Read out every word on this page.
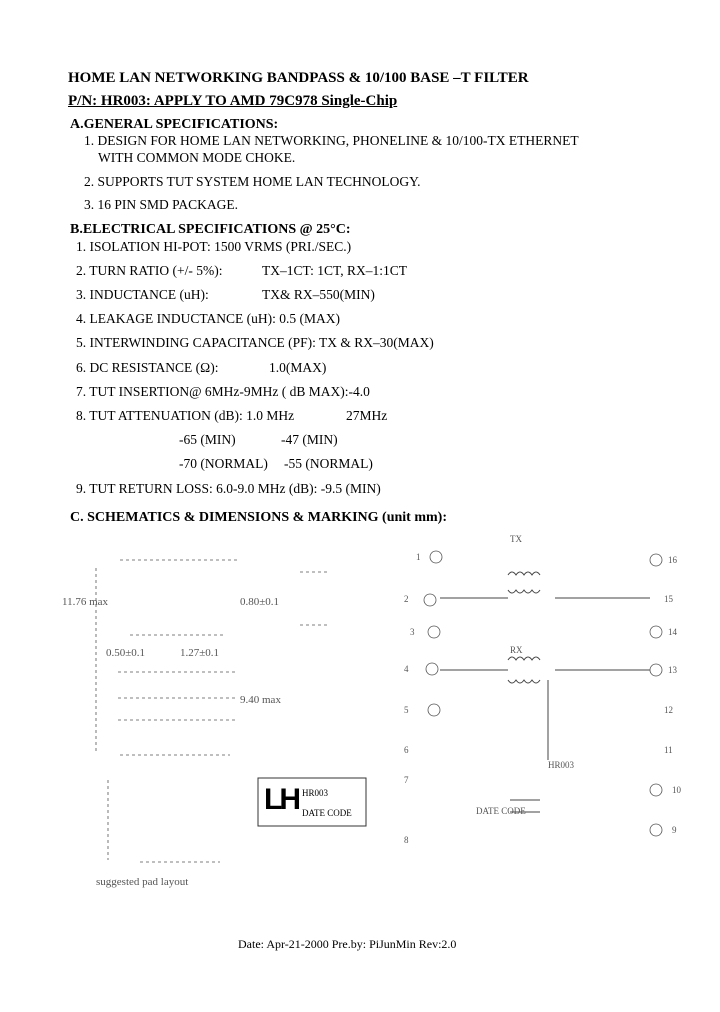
HOME LAN NETWORKING BANDPASS & 10/100 BASE –T FILTER
P/N: HR003: APPLY TO AMD 79C978 Single-Chip
A.GENERAL SPECIFICATIONS:
1. DESIGN FOR HOME LAN NETWORKING, PHONELINE & 10/100-TX ETHERNET
WITH COMMON MODE CHOKE.
2. SUPPORTS TUT SYSTEM HOME LAN TECHNOLOGY.
3. 16 PIN SMD PACKAGE.
B.ELECTRICAL SPECIFICATIONS @ 25°C:
1. ISOLATION HI-POT: 1500 VRMS (PRI./SEC.)
2. TURN RATIO (+/- 5%):	TX–1CT: 1CT, RX–1:1CT
3. INDUCTANCE (uH):	TX& RX–550(MIN)
4. LEAKAGE INDUCTANCE (uH): 0.5 (MAX)
5. INTERWINDING CAPACITANCE (PF): TX & RX–30(MAX)
6. DC RESISTANCE (Ω):	1.0(MAX)
7. TUT INSERTION@ 6MHz-9MHz ( dB MAX):-4.0
8. TUT ATTENUATION (dB): 1.0 MHz	27MHz
-65 (MIN)	-47 (MIN)
-70 (NORMAL) -55 (NORMAL)
9. TUT RETURN LOSS: 6.0-9.0 MHz (dB): -9.5 (MIN)
C. SCHEMATICS & DIMENSIONS & MARKING (unit mm):
11.76 max	0.80±0.1
0.50±0.1	1.27±0.1
9.40 max
suggested pad layout
LH HR003
DATE CODE
TX
RX
1
2
3
4
5
6
7
8
16
15
14
13
12
11
10
9
HR003
DATE CODE
Date: Apr-21-2000 Pre.by: PiJunMin Rev:2.0
